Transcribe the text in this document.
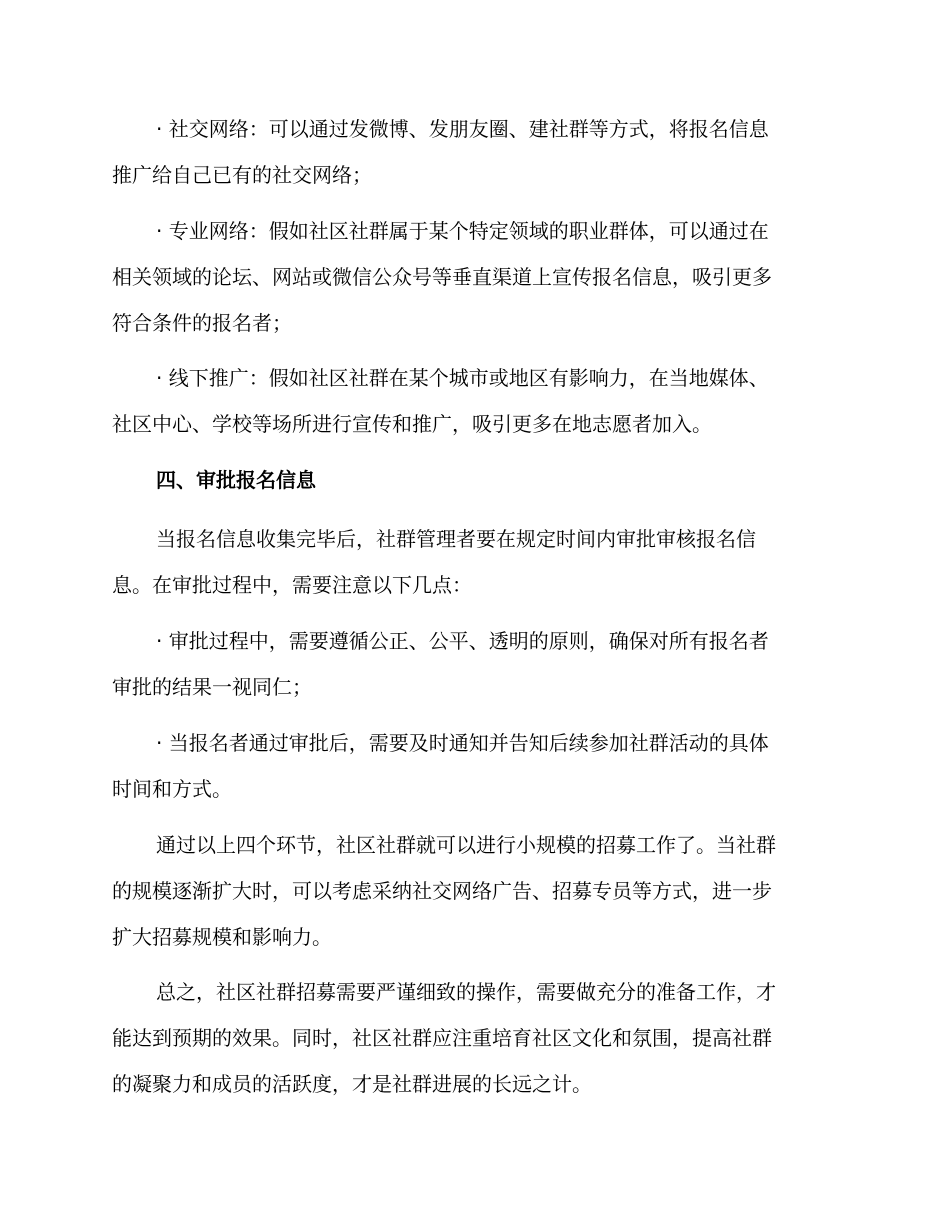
· 社交网络：可以通过发微博、发朋友圈、建社群等方式，将报名信息
推广给自己已有的社交网络；
· 专业网络：假如社区社群属于某个特定领域的职业群体，可以通过在
相关领域的论坛、网站或微信公众号等垂直渠道上宣传报名信息，吸引更多
符合条件的报名者；
· 线下推广：假如社区社群在某个城市或地区有影响力，在当地媒体、
社区中心、学校等场所进行宣传和推广，吸引更多在地志愿者加入。
四、审批报名信息
当报名信息收集完毕后，社群管理者要在规定时间内审批审核报名信
息。在审批过程中，需要注意以下几点：
· 审批过程中，需要遵循公正、公平、透明的原则，确保对所有报名者
审批的结果一视同仁；
· 当报名者通过审批后，需要及时通知并告知后续参加社群活动的具体
时间和方式。
通过以上四个环节，社区社群就可以进行小规模的招募工作了。当社群
的规模逐渐扩大时，可以考虑采纳社交网络广告、招募专员等方式，进一步
扩大招募规模和影响力。
总之，社区社群招募需要严谨细致的操作，需要做充分的准备工作，才
能达到预期的效果。同时，社区社群应注重培育社区文化和氛围，提高社群
的凝聚力和成员的活跃度，才是社群进展的长远之计。
